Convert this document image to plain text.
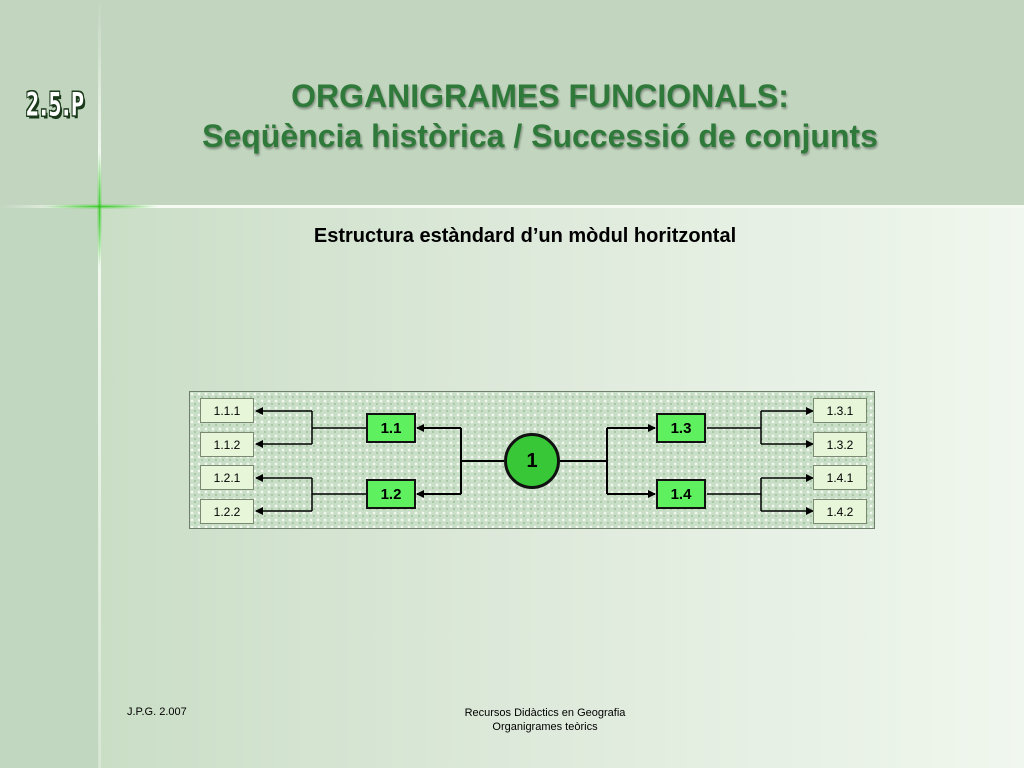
2.5.P	ORGANIGRAMES FUNCIONALS:
Seqüència històrica / Successió de conjunts
Estructura estàndard d’un mòdul horitzontal
1.1.1
1.1.2
1.2.1
1.2.2
1.1
1.2
1.3
1.4
1
1.3.1
1.3.2
1.4.1
1.4.2
J.P.G. 2.007	Recursos Didàctics en Geografia
Organigrames teòrics
